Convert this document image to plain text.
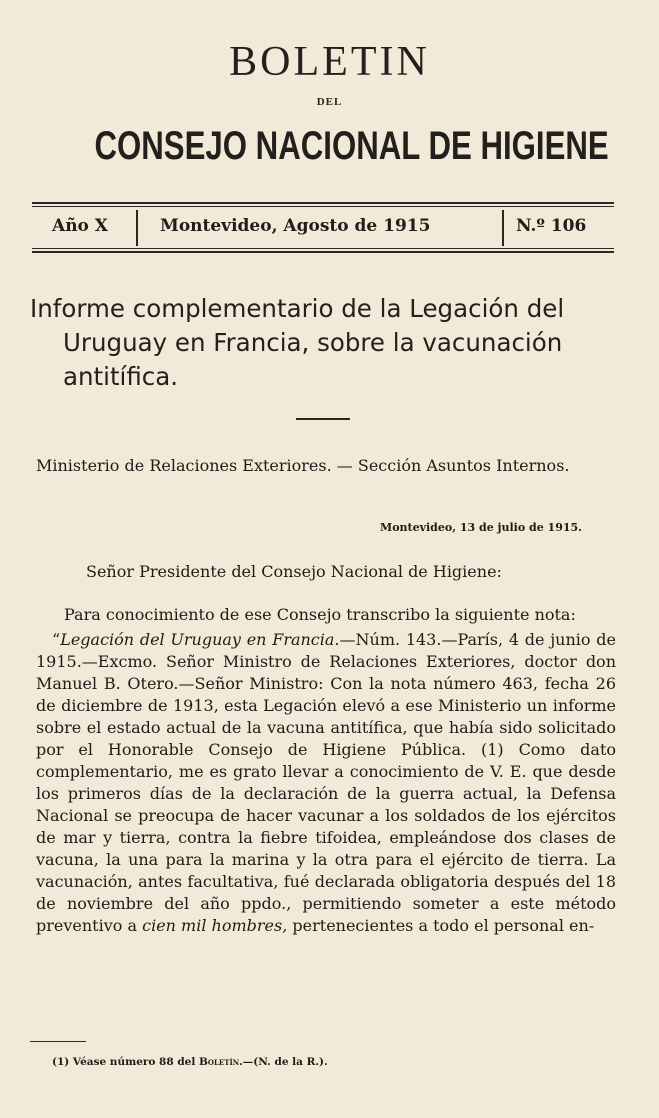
BOLETIN
DEL
CONSEJO NACIONAL DE HIGIENE
Año X	Montevideo, Agosto de 1915	N.º 106
Informe complementario de la Legación del Uruguay en Francia, sobre la vacunación antitífica.
Ministerio de Relaciones Exteriores. — Sección Asuntos Internos.
Montevideo, 13 de julio de 1915.
Señor Presidente del Consejo Nacional de Higiene:

Para conocimiento de ese Consejo transcribo la siguiente nota:

“Legación del Uruguay en Francia.—Núm. 143.—París, 4 de junio de 1915.—Excmo. Señor Ministro de Relaciones Exteriores, doctor don Manuel B. Otero.—Señor Ministro: Con la nota número 463, fecha 26 de diciembre de 1913, esta Legación elevó a ese Ministerio un informe sobre el estado actual de la vacuna antitífica, que había sido solicitado por el Honorable Consejo de Higiene Pública. (1) Como dato complementario, me es grato llevar a conocimiento de V. E. que desde los primeros días de la declaración de la guerra actual, la Defensa Nacional se preocupa de hacer vacunar a los soldados de los ejércitos de mar y tierra, contra la fiebre tifoidea, empleándose dos clases de vacuna, la una para la marina y la otra para el ejército de tierra. La vacunación, antes facultativa, fué declarada obligatoria después del 18 de noviembre del año ppdo., permitiendo someter a este método preventivo a cien mil hombres, pertenecientes a todo el personal en-

(1) Véase número 88 del Boletín.—(N. de la R.).
